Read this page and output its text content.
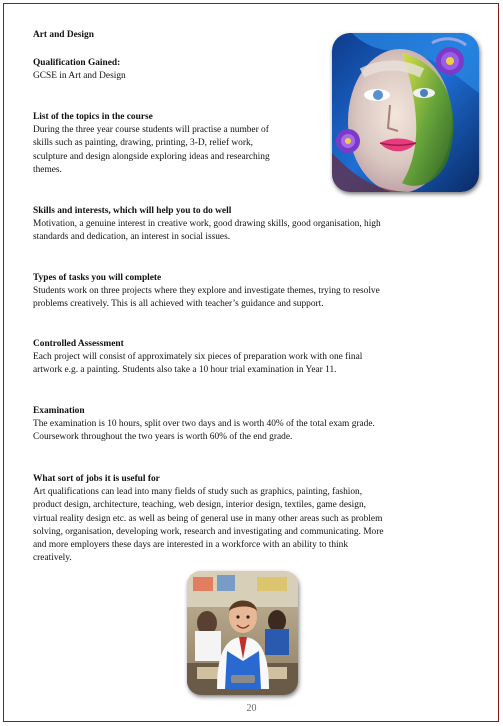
Art and Design
Qualification Gained:
GCSE in Art and Design
List of the topics in the course
During the three year course students will practise a number of
skills such as painting, drawing, printing, 3-D, relief work,
sculpture and design alongside exploring ideas and researching
themes.
Skills and interests, which will help you to do well
Motivation, a genuine interest in creative work, good drawing skills, good organisation, high
standards and dedication, an interest in social issues.
Types of tasks you will complete
Students work on three projects where they explore and investigate themes, trying to resolve
problems creatively. This is all achieved with teacher’s guidance and support.
Controlled Assessment
Each project will consist of approximately six pieces of preparation work with one final
artwork e.g. a painting. Students also take a 10 hour trial examination in Year 11.
Examination
The examination is 10 hours, split over two days and is worth 40% of the total exam grade.
Coursework throughout the two years is worth 60% of the end grade.
What sort of jobs it is useful for
Art qualifications can lead into many fields of study such as graphics, painting, fashion,
product design, architecture, teaching, web design, interior design, textiles, game design,
virtual reality design etc. as well as being of general use in many other areas such as problem
solving, organisation, developing work, research and investigating and communicating. More
and more employers these days are interested in a workforce with an ability to think
creatively.
20
